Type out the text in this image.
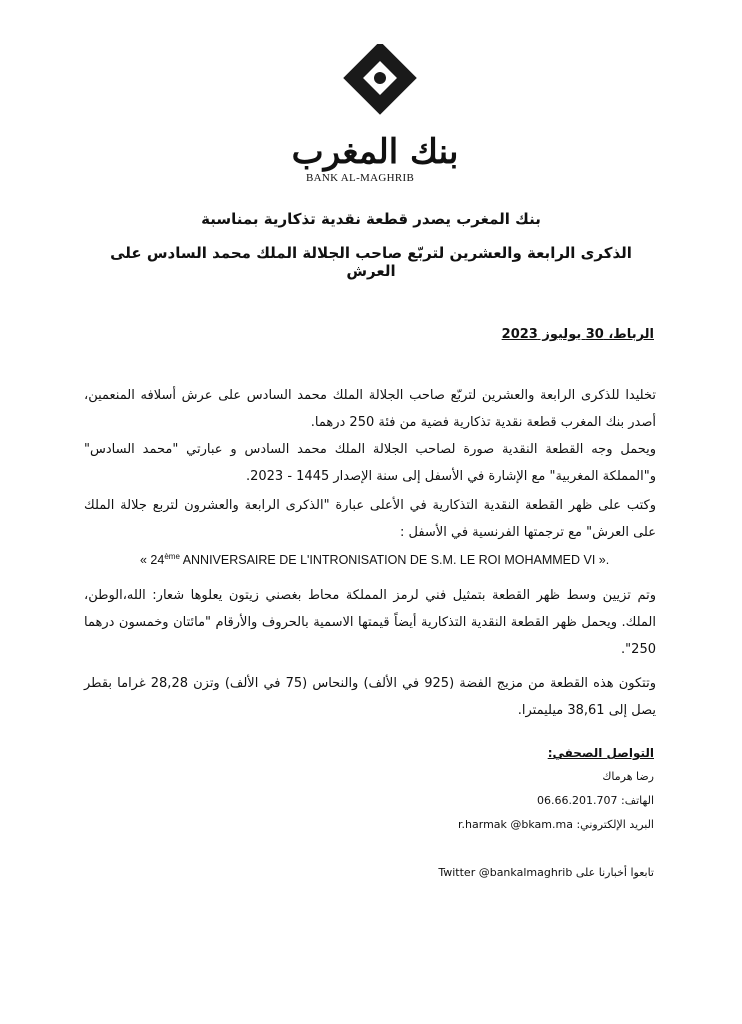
بنك المغرب
BANK AL-MAGHRIB
بنك المغرب يصدر قطعة نقدية تذكارية بمناسبة
الذكرى الرابعة والعشرين لتربّع صاحب الجلالة الملك محمد السادس على العرش
الرباط، 30 يوليوز 2023
تخليدا للذكرى الرابعة والعشرين لتربّع صاحب الجلالة الملك محمد السادس على عرش أسلافه المنعمين، أصدر بنك المغرب قطعة نقدية تذكارية فضية من فئة 250 درهما.
ويحمل وجه القطعة النقدية صورة لصاحب الجلالة الملك محمد السادس و عبارتي "محمد السادس" و"المملكة المغربية" مع الإشارة في الأسفل إلى سنة الإصدار 1445 - 2023.
وكتب على ظهر القطعة النقدية التذكارية في الأعلى عبارة "الذكرى الرابعة والعشرون لتربع جلالة الملك على العرش" مع ترجمتها الفرنسية في الأسفل :
« 24ème ANNIVERSAIRE DE L'INTRONISATION DE S.M. LE ROI MOHAMMED VI ».
وتم تزيين وسط ظهر القطعة بتمثيل فني لرمز المملكة محاط بغصني زيتون يعلوها شعار: الله،الوطن، الملك. ويحمل ظهر القطعة النقدية التذكارية أيضاً قيمتها الاسمية بالحروف والأرقام "مائتان وخمسون درهما 250".
وتتكون هذه القطعة من مزيج الفضة (925 في الألف) والنحاس (75 في الألف) وتزن 28,28 غراما بقطر يصل إلى 38,61 ميليمترا.
التواصل الصحفي:
رضا هرماك
الهاتف: 06.66.201.707
البريد الإلكتروني: r.harmak @bkam.ma
تابعوا أخبارنا على Twitter @bankalmaghrib
